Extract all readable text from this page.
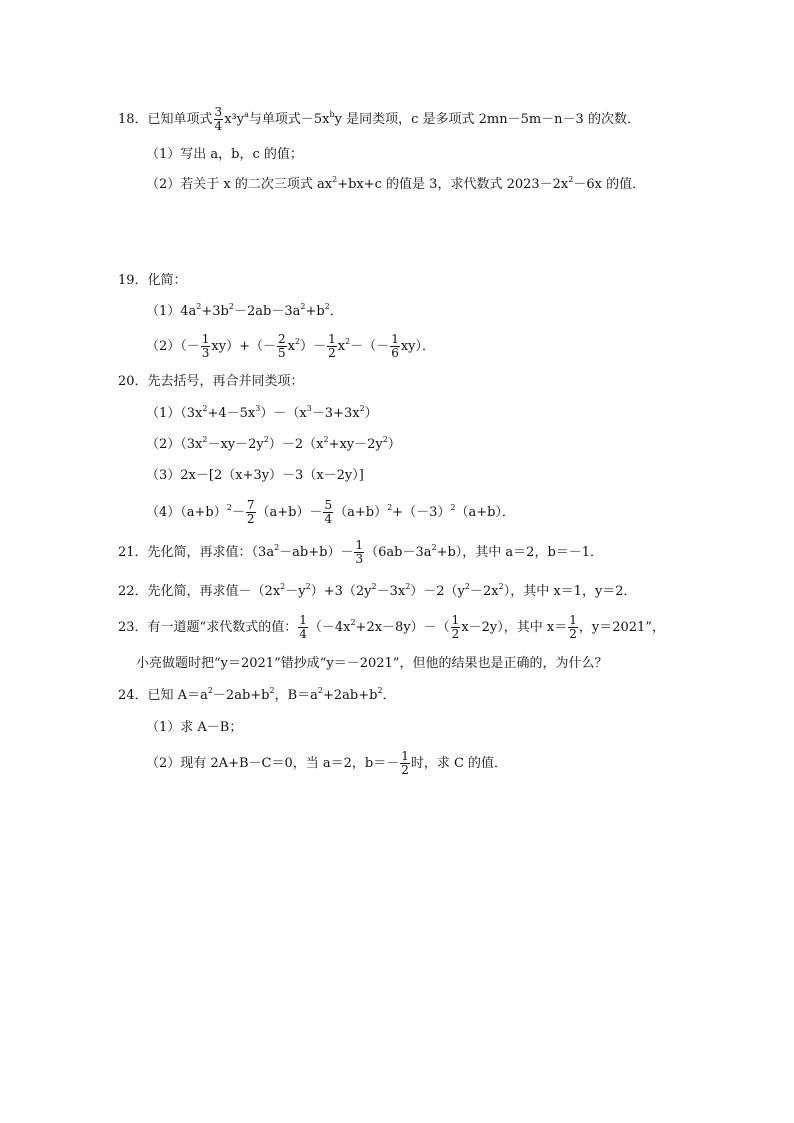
18．已知单项式 $\frac{3}{4} x^3y^a$与单项式$-5x^by$ 是同类项，c 是多项式 2mn－5m－n－3 的次数．
（1）写出 a，b，c 的值；
（2）若关于 x 的二次三项式 $ax^2+bx+c$ 的值是 3，求代数式 $2023-2x^2-6x$ 的值．
19．化简：
$(1)4a^2+3b^2-2ab-3a^2+b^2$．
$(2)(- \frac{1}{3} xy)+(- \frac{2}{5} x^2)- \frac{1}{2} x^2-(- \frac{1}{6} xy)$．
20．先去括号，再合并同类项：
$(1)(3x^2+4-5x^3)-(x^3-3+3x^2)$
$(2)(3x^2-xy-2y^2)-2(x^2+xy-2y^2)$
（3）2x－[2（x+3y）－3（x－2y）]
$(4)(a+b)^2- \frac{7}{2} (a+b)- \frac{5}{4} (a+b)^2+(-3)^2(a+b)$．
21．先化简，再求值：$(3a^2-ab+b)- \frac{1}{3} (6ab-3a^2+b)$，其中 a＝2，b＝－1．
22．先化简，再求值$-(2x^2-y^2)+3(2y^2-3x^2)-2(y^2-2x^2)$，其中 x＝1，y＝2．
23．有一道题“求代数式的值： $\frac{1}{4} (-4x^2+2x-8y)-( \frac{1}{2} x-2y)$，其中 $x= \frac{1}{2}$ ，y＝2021”，
小亮做题时把“y＝2021”错抄成“y＝－2021”，但他的结果也是正确的，为什么？
24．已知 $A=a^2-2ab+b^2$，$B=a^2+2ab+b^2$．
（1）求 A－B；
（2）现有 2A+B－C＝0，当 a＝2，$b=- \frac{1}{2}$ 时，求 C 的值．
